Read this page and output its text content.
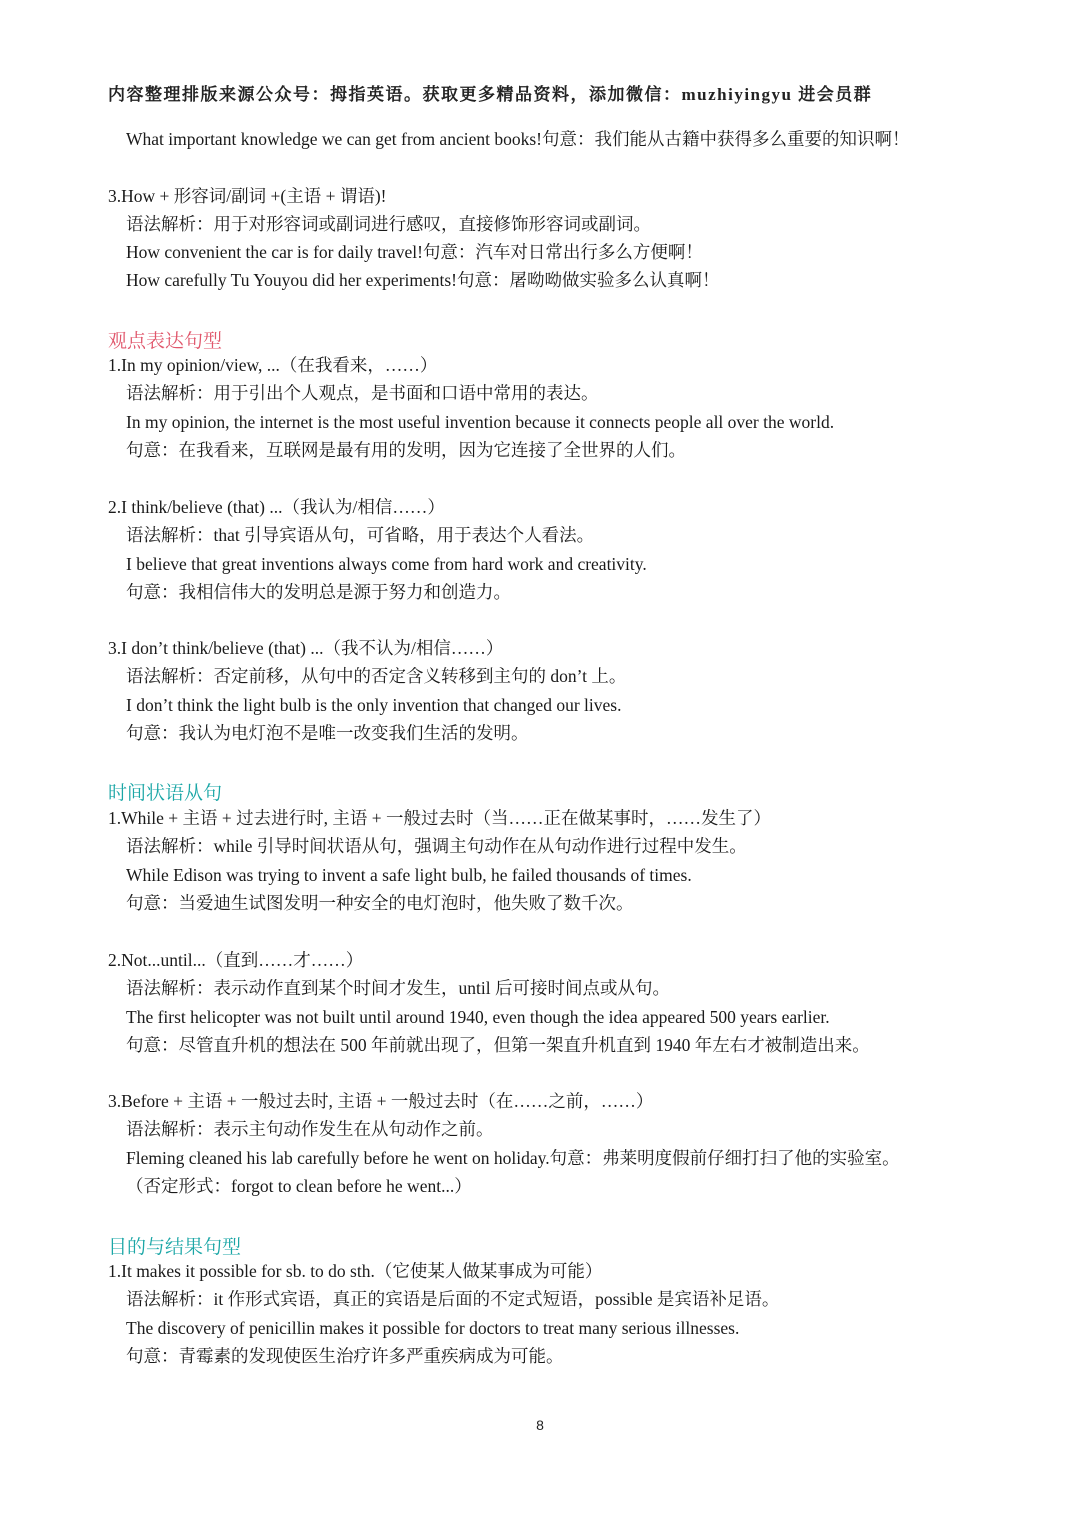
内容整理排版来源公众号：拇指英语。获取更多精品资料，添加微信：muzhiyingyu 进会员群
What important knowledge we can get from ancient books!句意：我们能从古籍中获得多么重要的知识啊！
3.How + 形容词/副词 +(主语 + 谓语)!
语法解析：用于对形容词或副词进行感叹，直接修饰形容词或副词。
How convenient the car is for daily travel!句意：汽车对日常出行多么方便啊！
How carefully Tu Youyou did her experiments!句意：屠呦呦做实验多么认真啊！
观点表达句型
1.In my opinion/view, ...（在我看来，……）
语法解析：用于引出个人观点，是书面和口语中常用的表达。
In my opinion, the internet is the most useful invention because it connects people all over the world.
句意：在我看来，互联网是最有用的发明，因为它连接了全世界的人们。
2.I think/believe (that) ...（我认为/相信……）
语法解析：that 引导宾语从句，可省略，用于表达个人看法。
I believe that great inventions always come from hard work and creativity.
句意：我相信伟大的发明总是源于努力和创造力。
3.I don’t think/believe (that) ...（我不认为/相信……）
语法解析：否定前移，从句中的否定含义转移到主句的 don’t 上。
I don’t think the light bulb is the only invention that changed our lives.
句意：我认为电灯泡不是唯一改变我们生活的发明。
时间状语从句
1.While + 主语 + 过去进行时, 主语 + 一般过去时（当……正在做某事时，……发生了）
语法解析：while 引导时间状语从句，强调主句动作在从句动作进行过程中发生。
While Edison was trying to invent a safe light bulb, he failed thousands of times.
句意：当爱迪生试图发明一种安全的电灯泡时，他失败了数千次。
2.Not...until...（直到……才……）
语法解析：表示动作直到某个时间才发生，until 后可接时间点或从句。
The first helicopter was not built until around 1940, even though the idea appeared 500 years earlier.
句意：尽管直升机的想法在 500 年前就出现了，但第一架直升机直到 1940 年左右才被制造出来。
3.Before + 主语 + 一般过去时, 主语 + 一般过去时（在……之前，……）
语法解析：表示主句动作发生在从句动作之前。
Fleming cleaned his lab carefully before he went on holiday.句意：弗莱明度假前仔细打扫了他的实验室。
（否定形式：forgot to clean before he went...）
目的与结果句型
1.It makes it possible for sb. to do sth.（它使某人做某事成为可能）
语法解析：it 作形式宾语，真正的宾语是后面的不定式短语，possible 是宾语补足语。
The discovery of penicillin makes it possible for doctors to treat many serious illnesses.
句意：青霉素的发现使医生治疗许多严重疾病成为可能。
8
